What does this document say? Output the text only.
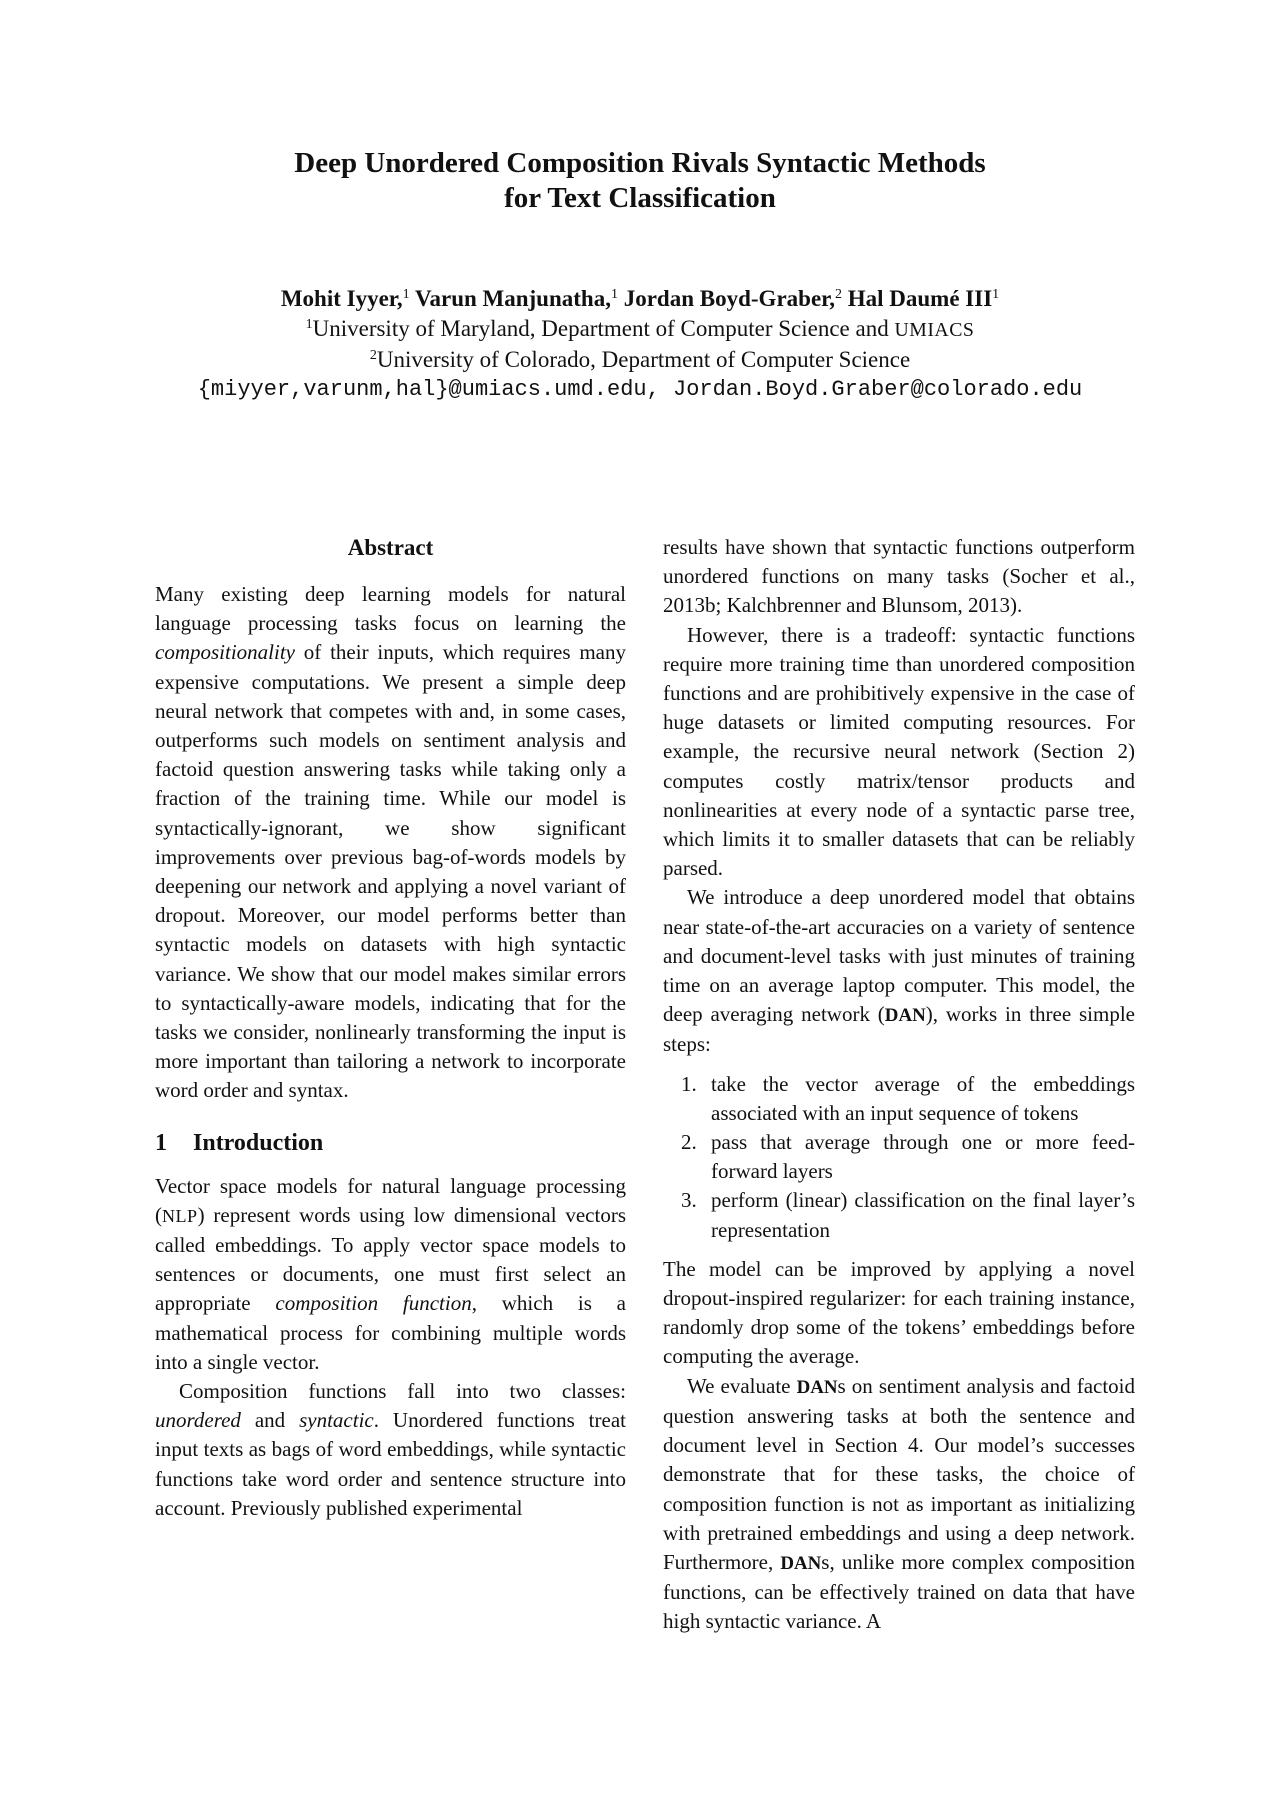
Deep Unordered Composition Rivals Syntactic Methods
for Text Classification
Mohit Iyyer,$^1$ Varun Manjunatha,$^1$ Jordan Boyd-Graber,$^2$ Hal Daumé III$^1$
$^1$University of Maryland, Department of Computer Science and UMIACS
$^2$University of Colorado, Department of Computer Science
{miyyer,varunm,hal}@umiacs.umd.edu, Jordan.Boyd.Graber@colorado.edu
Abstract

Many existing deep learning models for natural language processing tasks focus on learning the compositionality of their inputs, which requires many expensive computations. We present a simple deep neural network that competes with and, in some cases, outperforms such models on sentiment analysis and factoid question answering tasks while taking only a fraction of the training time. While our model is syntactically-ignorant, we show significant improvements over previous bag-of-words models by deepening our network and applying a novel variant of dropout. Moreover, our model performs better than syntactic models on datasets with high syntactic variance. We show that our model makes similar errors to syntactically-aware models, indicating that for the tasks we consider, nonlinearly transforming the input is more important than tailoring a network to incorporate word order and syntax.

1 Introduction

Vector space models for natural language processing (NLP) represent words using low dimensional vectors called embeddings. To apply vector space models to sentences or documents, one must first select an appropriate composition function, which is a mathematical process for combining multiple words into a single vector.

Composition functions fall into two classes: unordered and syntactic. Unordered functions treat input texts as bags of word embeddings, while syntactic functions take word order and sentence structure into account. Previously published experimental

results have shown that syntactic functions outperform unordered functions on many tasks (Socher et al., 2013b; Kalchbrenner and Blunsom, 2013).

However, there is a tradeoff: syntactic functions require more training time than unordered composition functions and are prohibitively expensive in the case of huge datasets or limited computing resources. For example, the recursive neural network (Section 2) computes costly matrix/tensor products and nonlinearities at every node of a syntactic parse tree, which limits it to smaller datasets that can be reliably parsed.

We introduce a deep unordered model that obtains near state-of-the-art accuracies on a variety of sentence and document-level tasks with just minutes of training time on an average laptop computer. This model, the deep averaging network (DAN), works in three simple steps:

1. take the vector average of the embeddings associated with an input sequence of tokens
2. pass that average through one or more feed-forward layers
3. perform (linear) classification on the final layer’s representation

The model can be improved by applying a novel dropout-inspired regularizer: for each training instance, randomly drop some of the tokens’ embeddings before computing the average.

We evaluate DANs on sentiment analysis and factoid question answering tasks at both the sentence and document level in Section 4. Our model’s successes demonstrate that for these tasks, the choice of composition function is not as important as initializing with pretrained embeddings and using a deep network. Furthermore, DANs, unlike more complex composition functions, can be effectively trained on data that have high syntactic variance. A
